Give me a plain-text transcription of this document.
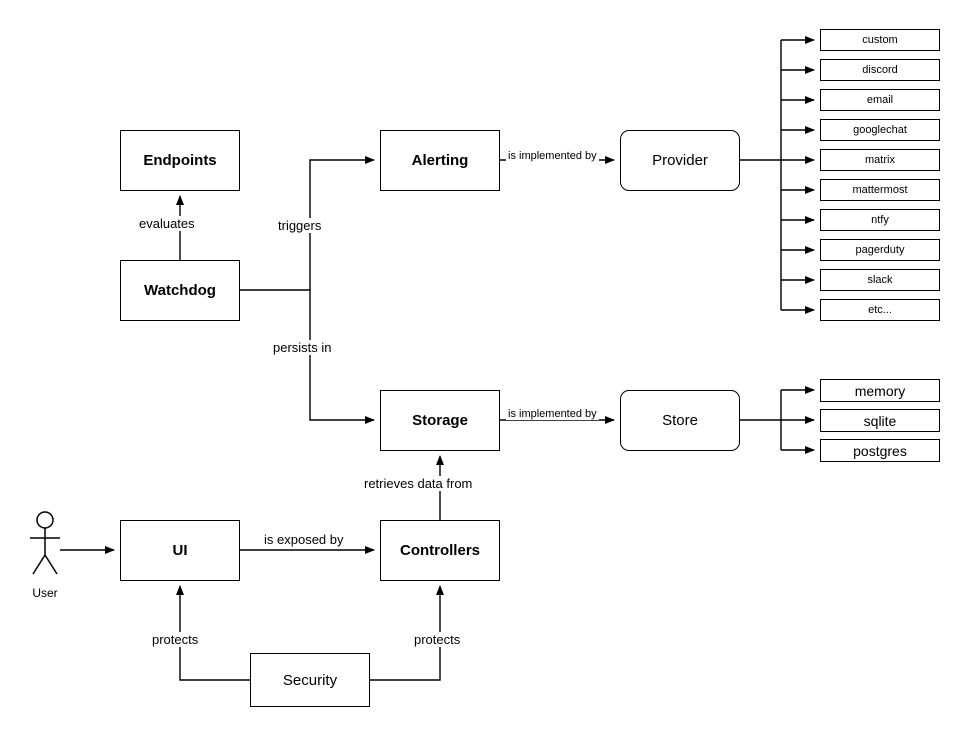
User
Endpoints
Watchdog
Alerting	Provider
Storage	Store
UI	Controllers
Security
custom
discord
email
googlechat
matrix
mattermost
ntfy
pagerduty
slack
etc...
memory
sqlite
postgres
evaluates	triggers
persists in
is implemented by
is implemented by
retrieves data from
is exposed by
protects	protects
